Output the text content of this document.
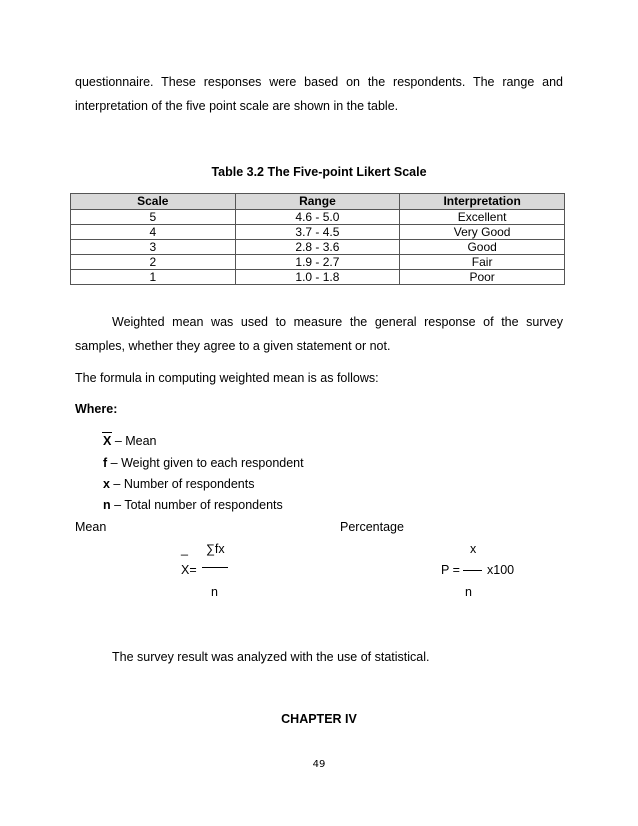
questionnaire. These responses were based on the respondents. The range and
interpretation of the five point scale are shown in the table.
Table 3.2 The Five-point Likert Scale
Scale	Range	Interpretation
5	4.6 - 5.0	Excellent
4	3.7 - 4.5	Very Good
3	2.8 - 3.6	Good
2	1.9 - 2.7	Fair
1	1.0 - 1.8	Poor
Weighted mean was used to measure the general response of the survey
samples, whether they agree to a given statement or not.
The formula in computing weighted mean is as follows:
Where:
X – Mean
f – Weight given to each respondent
x – Number of respondents
n – Total number of respondents
Mean	Percentage
_ ∑fx
X=
n
x
P = x100
n
The survey result was analyzed with the use of statistical.
CHAPTER IV
49
